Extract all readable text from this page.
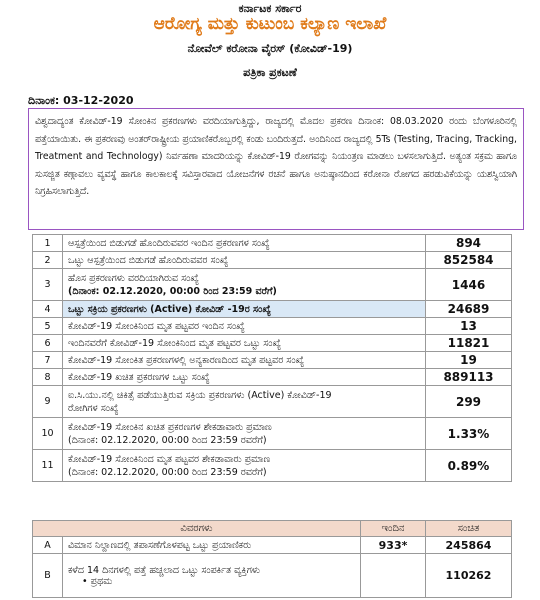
ಕರ್ನಾಟಕ ಸರ್ಕಾರ
ಆರೋಗ್ಯ ಮತ್ತು ಕುಟುಂಬ ಕಲ್ಯಾಣ ಇಲಾಖೆ
ನೋವೆಲ್ ಕರೋನಾ ವೈರಸ್ (ಕೋವಿಡ್-19)
ಪತ್ರಿಕಾ ಪ್ರಕಟಣೆ
ದಿನಾಂಕ: 03-12-2020
ವಿಶ್ವದಾದ್ಯಂತ ಕೋವಿಡ್-19 ಸೋಂಕಿನ ಪ್ರಕರಣಗಳು ವರದಿಯಾಗುತ್ತಿದ್ದು, ರಾಜ್ಯದಲ್ಲಿ ಮೊದಲ ಪ್ರಕರಣ ದಿನಾಂಕ: 08.03.2020 ರಂದು ಬೆಂಗಳೂರಿನಲ್ಲಿ ಪತ್ತೆಯಾಯಿತು. ಈ ಪ್ರಕರಣವು ಅಂತರ್‌ರಾಷ್ಟ್ರೀಯ ಪ್ರಯಾಣಿಕರೊಬ್ಬರಲ್ಲಿ ಕಂಡು ಬಂದಿರುತ್ತದೆ. ಅಂದಿನಿಂದ ರಾಜ್ಯದಲ್ಲಿ 5Ts (Testing, Tracing, Tracking, Treatment and Technology) ನಿರ್ವಹಣಾ ಮಾದರಿಯನ್ನು ಕೋವಿಡ್-19 ರೋಗವನ್ನು ನಿಯಂತ್ರಣ ಮಾಡಲು ಬಳಸಲಾಗುತ್ತಿದೆ. ಅತ್ಯಂತ ಸಕ್ರಮ ಹಾಗೂ ಸುಸಜ್ಜಿತ ಕಣ್ಗಾವಲು ವ್ಯವಸ್ಥೆ ಹಾಗೂ ಕಾಲಕಾಲಕ್ಕೆ ಸವಿಸ್ತಾರವಾದ ಯೋಜನೆಗಳ ರಚನೆ ಹಾಗೂ ಅನುಷ್ಠಾನದಿಂದ ಕರೋನಾ ರೋಗದ ಹರಡುವಿಕೆಯನ್ನು ಯಶಸ್ವಿಯಾಗಿ ನಿಗ್ರಹಿಸಲಾಗುತ್ತಿದೆ.
1	ಆಸ್ಪತ್ರೆಯಿಂದ ಬಿಡುಗಡೆ ಹೊಂದಿರುವವರ ಇಂದಿನ ಪ್ರಕರಣಗಳ ಸಂಖ್ಯೆ	894
2	ಒಟ್ಟು ಆಸ್ಪತ್ರೆಯಿಂದ ಬಿಡುಗಡೆ ಹೊಂದಿರುವವರ ಸಂಖ್ಯೆ	852584
3	ಹೊಸ ಪ್ರಕರಣಗಳು ವರದಿಯಾಗಿರುವ ಸಂಖ್ಯೆ
(ದಿನಾಂಕ: 02.12.2020, 00:00 ರಿಂದ 23:59 ವರೆಗೆ)	1446
4	ಒಟ್ಟು ಸಕ್ರಿಯ ಪ್ರಕರಣಗಳು (Active) ಕೋವಿಡ್ -19ರ ಸಂಖ್ಯೆ	24689
5	ಕೋವಿಡ್-19 ಸೋಂಕಿನಿಂದ ಮೃತ ಪಟ್ಟವರ ಇಂದಿನ ಸಂಖ್ಯೆ	13
6	ಇಂದಿನವರೆಗೆ ಕೋವಿಡ್-19 ಸೋಂಕಿನಿಂದ ಮೃತ ಪಟ್ಟವರ ಒಟ್ಟು ಸಂಖ್ಯೆ	11821
7	ಕೋವಿಡ್-19 ಸೋಂಕಿತ ಪ್ರಕರಣಗಳಲ್ಲಿ ಅನ್ಯಕಾರಣದಿಂದ ಮೃತ ಪಟ್ಟವರ ಸಂಖ್ಯೆ	19
8	ಕೋವಿಡ್-19 ಖಚಿತ ಪ್ರಕರಣಗಳ ಒಟ್ಟು ಸಂಖ್ಯೆ	889113
9	ಐ.ಸಿ.ಯು.ನಲ್ಲಿ ಚಿಕಿತ್ಸೆ ಪಡೆಯುತ್ತಿರುವ ಸಕ್ರಿಯ ಪ್ರಕರಣಗಳು (Active) ಕೋವಿಡ್-19
ರೋಗಿಗಳ ಸಂಖ್ಯೆ	299
10	ಕೋವಿಡ್-19 ಸೋಂಕಿನ ಖಚಿತ ಪ್ರಕರಣಗಳ ಶೇಕಡಾವಾರು ಪ್ರಮಾಣ
(ದಿನಾಂಕ: 02.12.2020, 00:00 ರಿಂದ 23:59 ರವರೆಗೆ)	1.33%
11	ಕೋವಿಡ್-19 ಸೋಂಕಿನಿಂದ ಮೃತ ಪಟ್ಟವರ ಶೇಕಡಾವಾರು ಪ್ರಮಾಣ
(ದಿನಾಂಕ: 02.12.2020, 00:00 ರಿಂದ 23:59 ರವರೆಗೆ)	0.89%
ವಿವರಗಳು		ಇಂದಿನ	ಸಂಚಿತ
A	ವಿಮಾನ ನಿಲ್ದಾಣದಲ್ಲಿ ತಪಾಸಣೆಗೊಳಪಟ್ಟ ಒಟ್ಟು ಪ್ರಯಾಣಿಕರು	933*	245864
B	ಕಳೆದ 14 ದಿನಗಳಲ್ಲಿ ಪತ್ತೆ ಹಚ್ಚಲಾದ ಒಟ್ಟು ಸಂಪರ್ಕಿತ ವ್ಯಕ್ತಿಗಳು
• ಪ್ರಥಮ		110262
